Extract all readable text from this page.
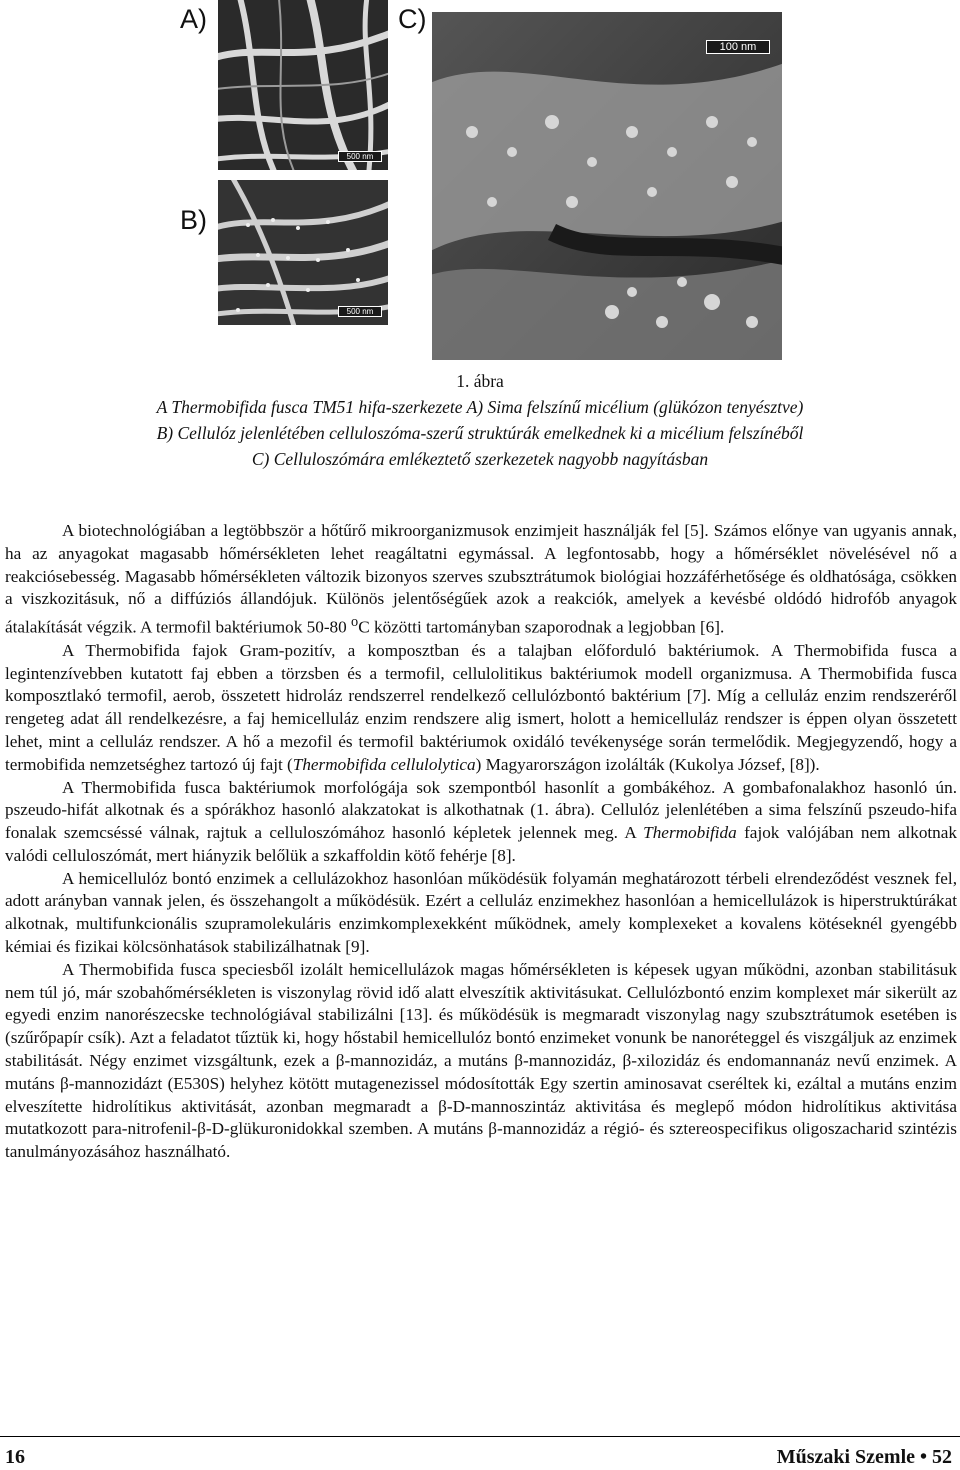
A)
B)
C)
500 nm
500 nm
100 nm
1. ábra
A Thermobifida fusca TM51 hifa-szerkezete A) Sima felszínű micélium (glükózon tenyésztve)
B) Cellulóz jelenlétében celluloszóma-szerű struktúrák emelkednek ki a micélium felszínéből
C) Celluloszómára emlékeztető szerkezetek nagyobb nagyításban

A biotechnológiában a legtöbbször a hőtűrő mikroorganizmusok enzimjeit használják fel [5]. Számos előnye van ugyanis annak, ha az anyagokat magasabb hőmérsékleten lehet reagáltatni egymással. A legfontosabb, hogy a hőmérséklet növelésével nő a reakciósebesség. Magasabb hőmérsékleten változik bizonyos szerves szubsztrátumok biológiai hozzáférhetősége és oldhatósága, csökken a viszkozitásuk, nő a diffúziós állandójuk. Különös jelentőségűek azok a reakciók, amelyek a kevésbé oldódó hidrofób anyagok átalakítását végzik. A termofil baktériumok 50-80 $^o$C közötti tartományban szaporodnak a legjobban [6].

A Thermobifida fajok Gram-pozitív, a komposztban és a talajban előforduló baktériumok. A Thermobifida fusca a legintenzívebben kutatott faj ebben a törzsben és a termofil, cellulolitikus baktériumok modell organizmusa. A Thermobifida fusca komposztlakó termofil, aerob, összetett hidroláz rendszerrel rendelkező cellulózbontó baktérium [7]. Míg a celluláz enzim rendszeréről rengeteg adat áll rendelkezésre, a faj hemicelluláz enzim rendszere alig ismert, holott a hemicelluláz rendszer is éppen olyan összetett lehet, mint a celluláz rendszer. A hő a mezofil és termofil baktériumok oxidáló tevékenysége során termelődik. Megjegyzendő, hogy a termobifida nemzetséghez tartozó új fajt (Thermobifida cellulolytica) Magyarországon izolálták (Kukolya József, [8]).

A Thermobifida fusca baktériumok morfológája sok szempontból hasonlít a gombákéhoz. A gombafonalakhoz hasonló ún. pszeudo-hifát alkotnak és a spórákhoz hasonló alakzatokat is alkothatnak (1. ábra). Cellulóz jelenlétében a sima felszínű pszeudo-hifa fonalak szemcséssé válnak, rajtuk a celluloszómához hasonló képletek jelennek meg. A Thermobifida fajok valójában nem alkotnak valódi celluloszómát, mert hiányzik belőlük a szkaffoldin kötő fehérje [8].

A hemicellulóz bontó enzimek a cellulázokhoz hasonlóan működésük folyamán meghatározott térbeli elrendeződést vesznek fel, adott arányban vannak jelen, és összehangolt a működésük. Ezért a celluláz enzimekhez hasonlóan a hemicellulázok is hiperstruktúrákat alkotnak, multifunkcionális szupramolekuláris enzimkomplexekként működnek, amely komplexeket a kovalens kötéseknél gyengébb kémiai és fizikai kölcsönhatások stabilizálhatnak [9].

A Thermobifida fusca speciesből izolált hemicellulázok magas hőmérsékleten is képesek ugyan működni, azonban stabilitásuk nem túl jó, már szobahőmérsékleten is viszonylag rövid idő alatt elveszítik aktivitásukat. Cellulózbontó enzim komplexet már sikerült az egyedi enzim nanorészecske technológiával stabilizálni [13]. és működésük is megmaradt viszonylag nagy szubsztrátumok esetében is (szűrőpapír csík). Azt a feladatot tűztük ki, hogy hőstabil hemicellulóz bontó enzimeket vonunk be nanoréteggel és viszgáljuk az enzimek stabilitását. Négy enzimet vizsgáltunk, ezek a β-mannozidáz, a mutáns β-mannozidáz, β-xilozidáz és endomannanáz nevű enzimek. A mutáns β-mannozidázt (E530S) helyhez kötött mutagenezissel módosították Egy szertin aminosavat cseréltek ki, ezáltal a mutáns enzim elveszítette hidrolítikus aktivitását, azonban megmaradt a β-D-mannoszintáz aktivitása és meglepő módon hidrolítikus aktivitása mutatkozott para-nitrofenil-β-D-glükuronidokkal szemben. A mutáns β-mannozidáz a régió- és sztereospecifikus oligoszacharid szintézis tanulmányozásához használható.

16	Műszaki Szemle • 52
